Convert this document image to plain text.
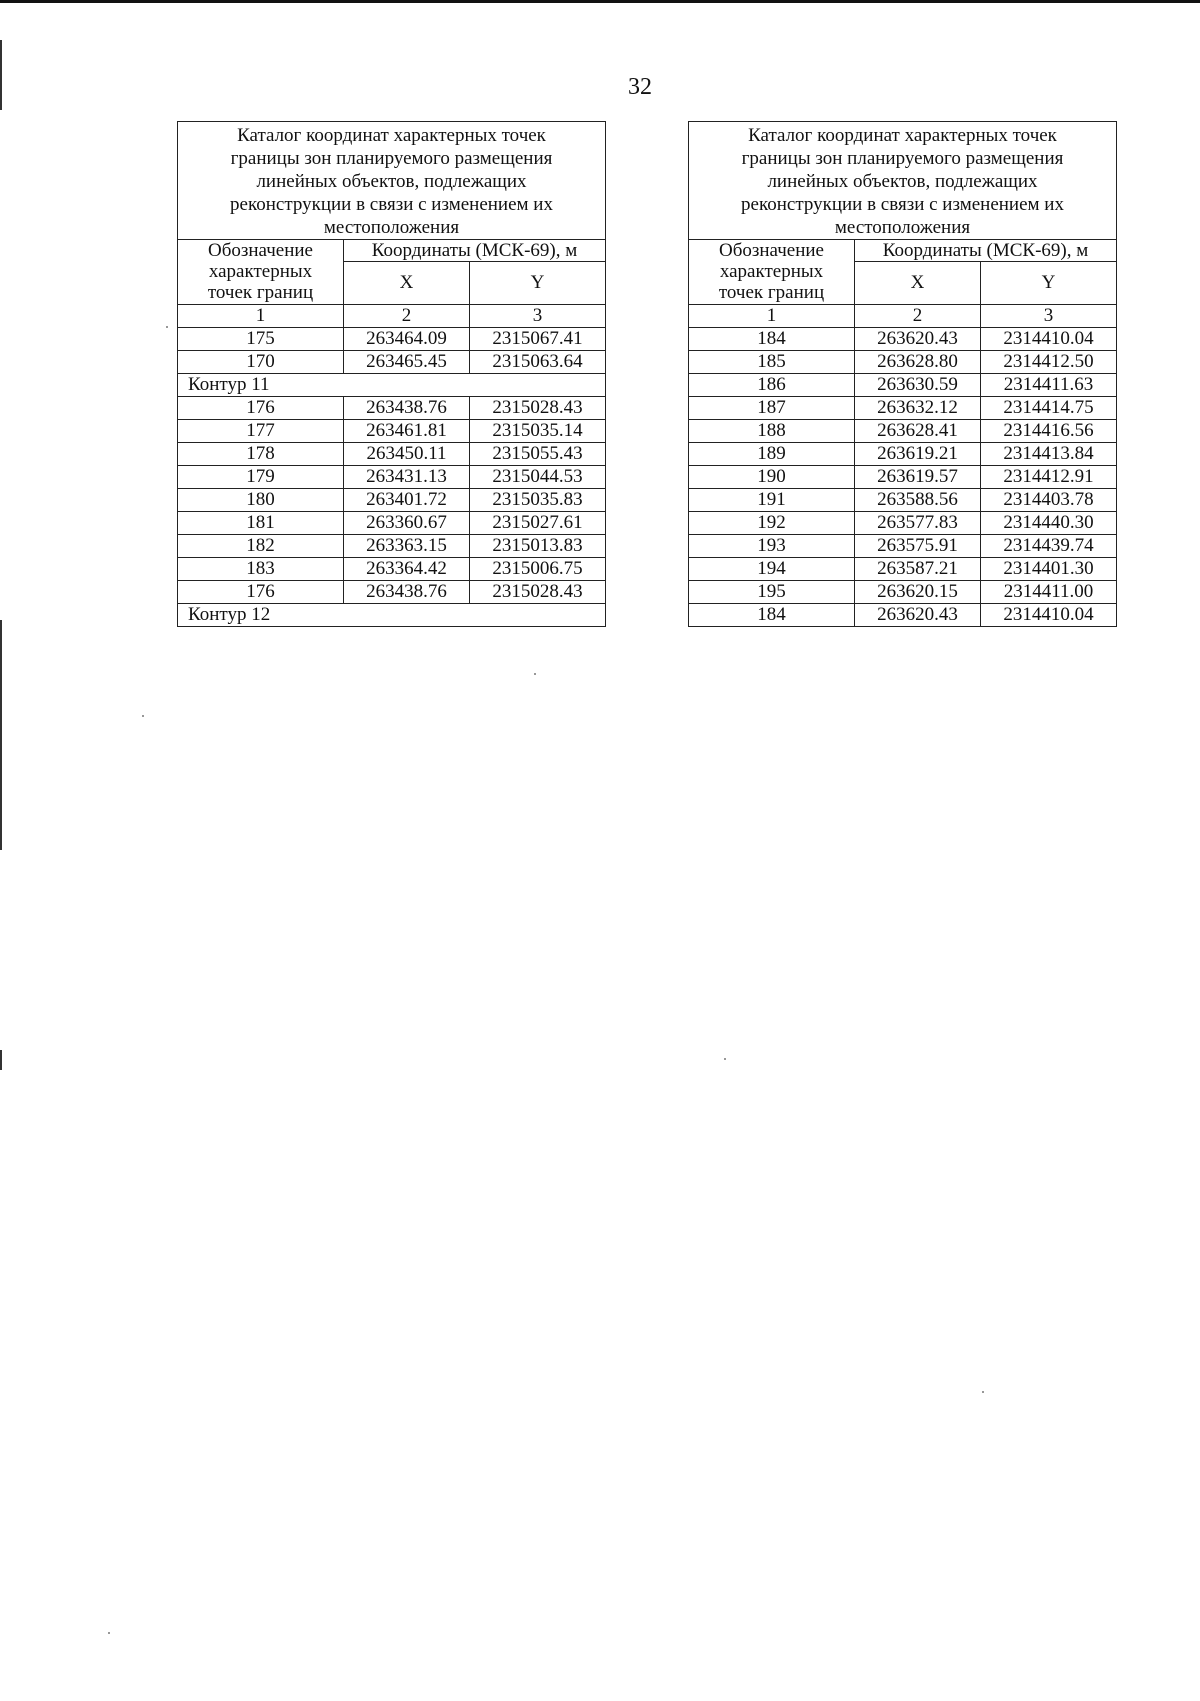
32
Каталог координат характерных точек
границы зон планируемого размещения
линейных объектов, подлежащих
реконструкции в связи с изменением их
местоположения		
Обозначение
характерных
точек границ	Координаты (МСК-69), м	
	X	Y
1	2	3
175	263464.09	2315067.41
170	263465.45	2315063.64
Контур 11		
176	263438.76	2315028.43
177	263461.81	2315035.14
178	263450.11	2315055.43
179	263431.13	2315044.53
180	263401.72	2315035.83
181	263360.67	2315027.61
182	263363.15	2315013.83
183	263364.42	2315006.75
176	263438.76	2315028.43
Контур 12		
Каталог координат характерных точек
границы зон планируемого размещения
линейных объектов, подлежащих
реконструкции в связи с изменением их
местоположения		
Обозначение
характерных
точек границ	Координаты (МСК-69), м	
	X	Y
1	2	3
184	263620.43	2314410.04
185	263628.80	2314412.50
186	263630.59	2314411.63
187	263632.12	2314414.75
188	263628.41	2314416.56
189	263619.21	2314413.84
190	263619.57	2314412.91
191	263588.56	2314403.78
192	263577.83	2314440.30
193	263575.91	2314439.74
194	263587.21	2314401.30
195	263620.15	2314411.00
184	263620.43	2314410.04
